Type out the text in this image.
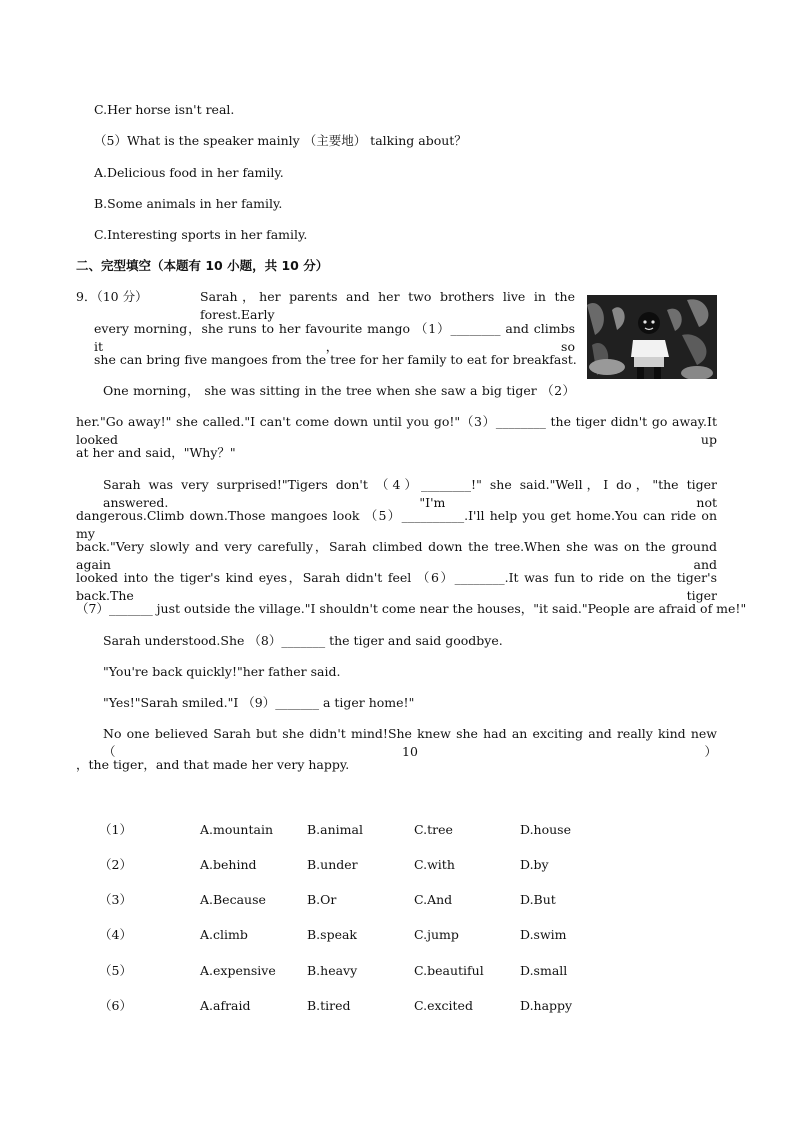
C.Her horse isn't real.
（5）What is the speaker mainly （主要地） talking about？
A.Delicious food in her family.
B.Some animals in her family.
C.Interesting sports in her family.
二、完型填空（本题有 10 小题，共 10 分）
9．（10 分）	Sarah，her parents and her two brothers live in the forest.Early
every morning，she runs to her favourite mango （1）________ and climbs it，so
she can bring five mangoes from the tree for her family to eat for breakfast.
One morning， she was sitting in the tree when she saw a big tiger （2）
her."Go away!" she called."I can't come down until you go!"（3）________ the tiger didn't go away.It looked up
at her and said，"Why？"
Sarah was very surprised!"Tigers don't （4）________!" she said."Well，I do，"the tiger answered. "I'm not
dangerous.Climb down.Those mangoes look （5）__________.I'll help you get home.You can ride on my
back."Very slowly and very carefully，Sarah climbed down the tree.When she was on the ground again and
looked into the tiger's kind eyes，Sarah didn't feel （6）________.It was fun to ride on the tiger's back.The tiger
（7）_______ just outside the village."I shouldn't come near the houses，"it said."People are afraid of me!"
Sarah understood.She （8）_______ the tiger and said goodbye.
"You're back quickly!"her father said.
"Yes!"Sarah smiled."I （9）_______ a tiger home!"
No one believed Sarah but she didn't mind!She knew she had an exciting and really kind new （10）
，the tiger，and that made her very happy.
（1）	A.mountain	B.animal	C.tree	D.house
（2）	A.behind	B.under	C.with	D.by
（3）	A.Because	B.Or	C.And	D.But
（4）	A.climb	B.speak	C.jump	D.swim
（5）	A.expensive B.heavy	C.beautiful	D.small
（6）	A.afraid	B.tired	C.excited	D.happy
